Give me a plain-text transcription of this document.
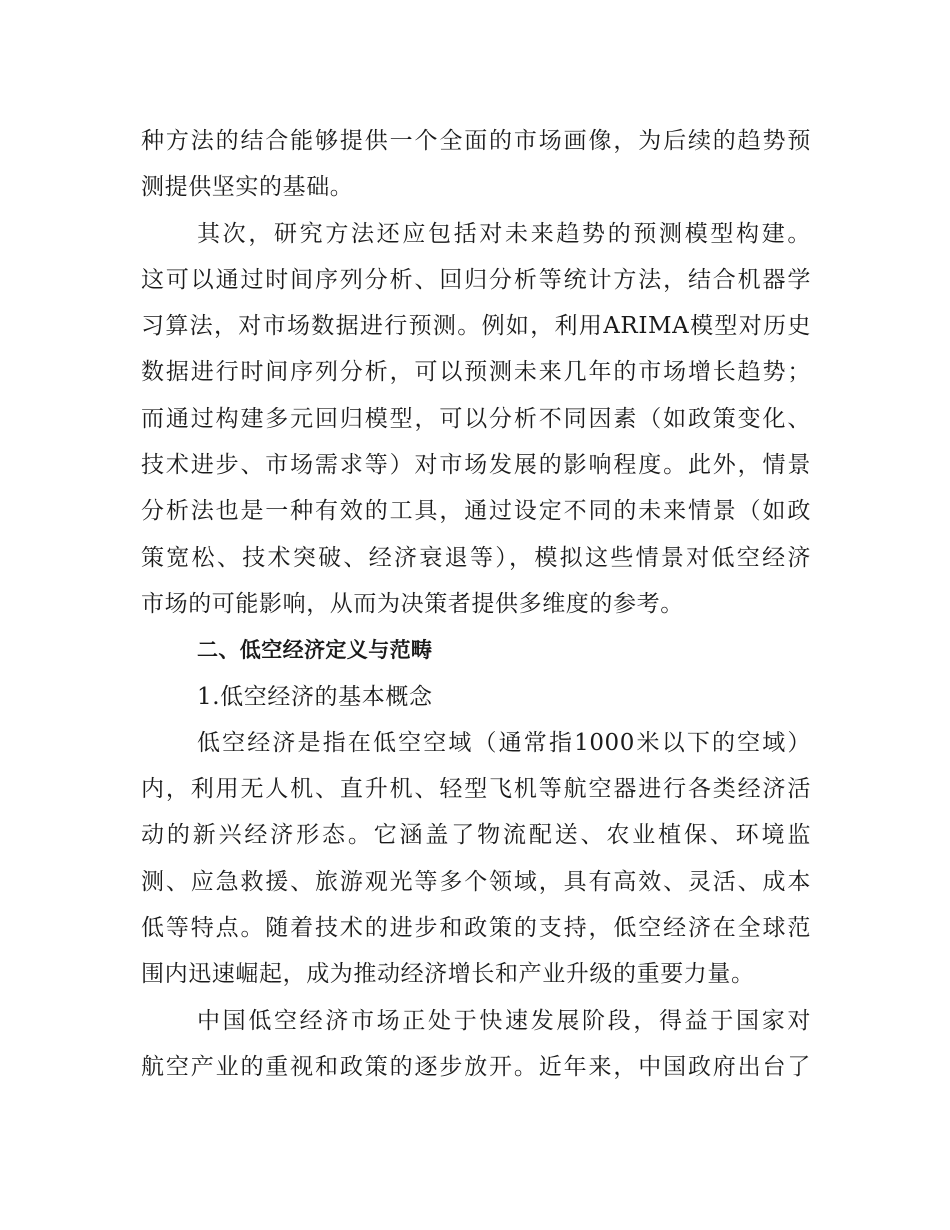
种方法的结合能够提供一个全面的市场画像，为后续的趋势预
测提供坚实的基础。
其次，研究方法还应包括对未来趋势的预测模型构建。
这可以通过时间序列分析、回归分析等统计方法，结合机器学
习算法，对市场数据进行预测。例如，利用ARIMA模型对历史
数据进行时间序列分析，可以预测未来几年的市场增长趋势；
而通过构建多元回归模型，可以分析不同因素（如政策变化、
技术进步、市场需求等）对市场发展的影响程度。此外，情景
分析法也是一种有效的工具，通过设定不同的未来情景（如政
策宽松、技术突破、经济衰退等），模拟这些情景对低空经济
市场的可能影响，从而为决策者提供多维度的参考。
二、低空经济定义与范畴
1.低空经济的基本概念
低空经济是指在低空空域（通常指1000米以下的空域）
内，利用无人机、直升机、轻型飞机等航空器进行各类经济活
动的新兴经济形态。它涵盖了物流配送、农业植保、环境监
测、应急救援、旅游观光等多个领域，具有高效、灵活、成本
低等特点。随着技术的进步和政策的支持，低空经济在全球范
围内迅速崛起，成为推动经济增长和产业升级的重要力量。
中国低空经济市场正处于快速发展阶段，得益于国家对
航空产业的重视和政策的逐步放开。近年来，中国政府出台了
